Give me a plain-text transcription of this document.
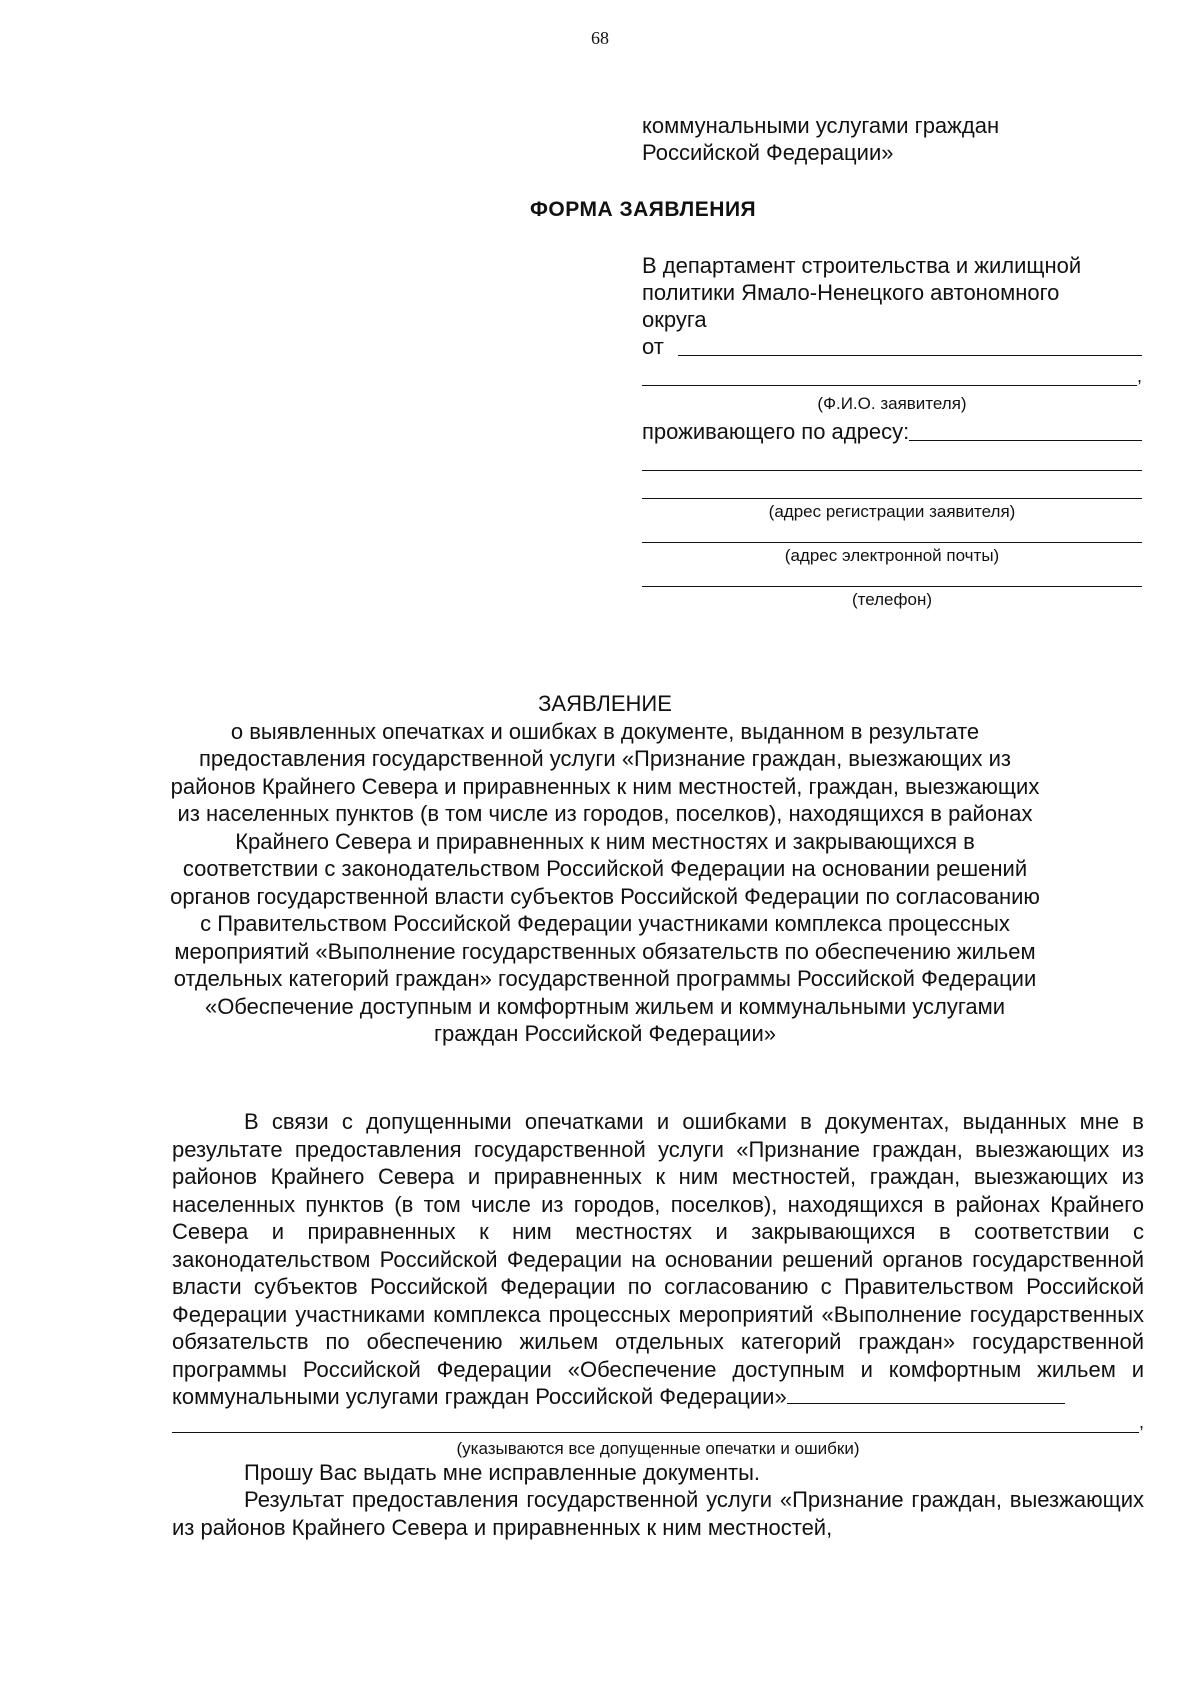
68
коммунальными услугами граждан
Российской Федерации»
ФОРМА ЗАЯВЛЕНИЯ
В департамент строительства и жилищной
политики Ямало-Ненецкого автономного
округа
от
,
(Ф.И.О. заявителя)
проживающего по адресу:
(адрес регистрации заявителя)
(адрес электронной почты)
(телефон)
ЗАЯВЛЕНИЕ
о выявленных опечатках и ошибках в документе, выданном в результате
предоставления государственной услуги «Признание граждан, выезжающих из
районов Крайнего Севера и приравненных к ним местностей, граждан, выезжающих
из населенных пунктов (в том числе из городов, поселков), находящихся в районах
Крайнего Севера и приравненных к ним местностях и закрывающихся в
соответствии с законодательством Российской Федерации на основании решений
органов государственной власти субъектов Российской Федерации по согласованию
с Правительством Российской Федерации участниками комплекса процессных
мероприятий «Выполнение государственных обязательств по обеспечению жильем
отдельных категорий граждан» государственной программы Российской Федерации
«Обеспечение доступным и комфортным жильем и коммунальными услугами
граждан Российской Федерации»
В связи с допущенными опечатками и ошибками в документах, выданных мне в результате предоставления государственной услуги «Признание граждан, выезжающих из районов Крайнего Севера и приравненных к ним местностей, граждан, выезжающих из населенных пунктов (в том числе из городов, поселков), находящихся в районах Крайнего Севера и приравненных к ним местностях и закрывающихся в соответствии с законодательством Российской Федерации на основании решений органов государственной власти субъектов Российской Федерации по согласованию с Правительством Российской Федерации участниками комплекса процессных мероприятий «Выполнение государственных обязательств по обеспечению жильем отдельных категорий граждан» государственной программы Российской Федерации «Обеспечение доступным и комфортным жильем и коммунальными услугами граждан Российской Федерации»
,
(указываются все допущенные опечатки и ошибки)
Прошу Вас выдать мне исправленные документы.
Результат предоставления государственной услуги «Признание граждан, выезжающих из районов Крайнего Севера и приравненных к ним местностей,
